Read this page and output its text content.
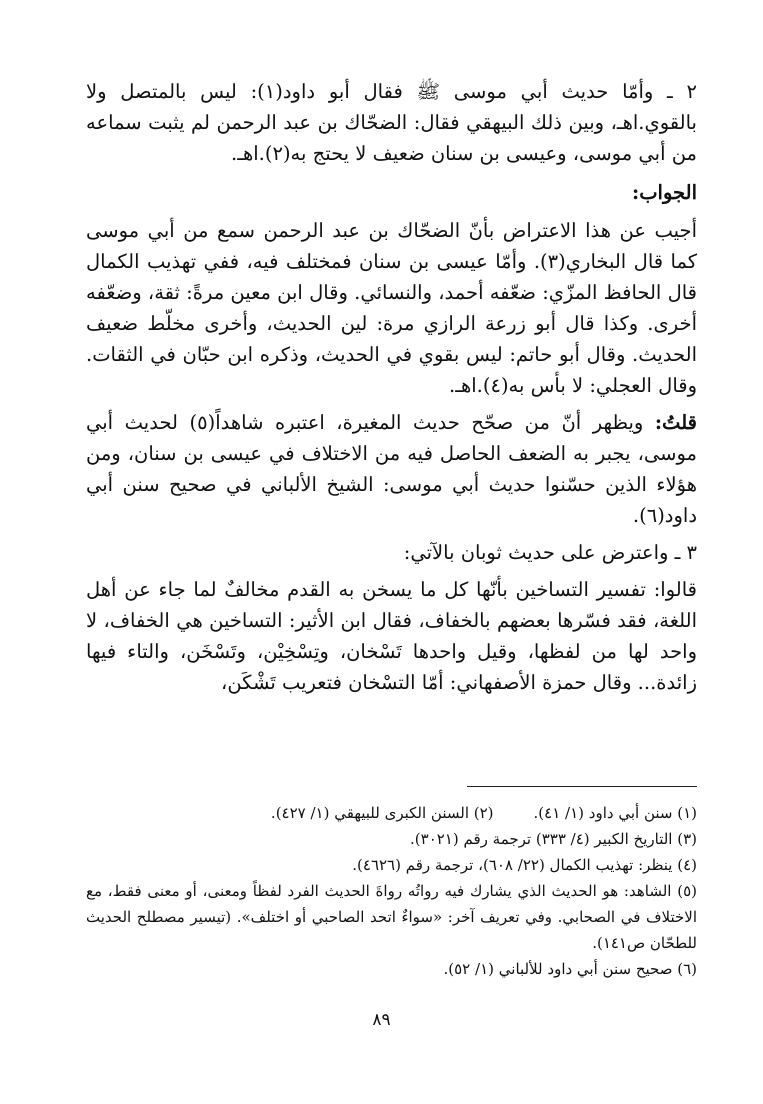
٢ ـ وأمّا حديث أبي موسى ﷺ فقال أبو داود(١): ليس بالمتصل ولا بالقوي.اهـ، وبين ذلك البيهقي فقال: الضحّاك بن عبد الرحمن لم يثبت سماعه من أبي موسى، وعيسى بن سنان ضعيف لا يحتج به(٢).اهـ.

الجواب:

أجيب عن هذا الاعتراض بأنّ الضحّاك بن عبد الرحمن سمع من أبي موسى كما قال البخاري(٣). وأمّا عيسى بن سنان فمختلف فيه، ففي تهذيب الكمال قال الحافظ المزّي: ضعّفه أحمد، والنسائي. وقال ابن معين مرةً: ثقة، وضعّفه أخرى. وكذا قال أبو زرعة الرازي مرة: لين الحديث، وأخرى مخلّط ضعيف الحديث. وقال أبو حاتم: ليس بقوي في الحديث، وذكره ابن حبّان في الثقات. وقال العجلي: لا بأس به(٤).اهـ.

قلتُ: ويظهر أنّ من صحّح حديث المغيرة، اعتبره شاهداً(٥) لحديث أبي موسى، يجبر به الضعف الحاصل فيه من الاختلاف في عيسى بن سنان، ومن هؤلاء الذين حسّنوا حديث أبي موسى: الشيخ الألباني في صحيح سنن أبي داود(٦).

٣ ـ واعترض على حديث ثوبان بالآتي:

قالوا: تفسير التساخين بأنّها كل ما يسخن به القدم مخالفٌ لما جاء عن أهل اللغة، فقد فسّرها بعضهم بالخفاف، فقال ابن الأثير: التساخين هي الخفاف، لا واحد لها من لفظها، وقيل واحدها تَسْخان، وتِسْخِيْن، وتَسْخَن، والتاء فيها زائدة... وقال حمزة الأصفهاني: أمّا التسْخان فتعريب تَشْكَن،

(١) سنن أبي داود (١/ ٤١).
(٢) السنن الكبرى للبيهقي (١/ ٤٢٧).

(٣) التاريخ الكبير (٤/ ٣٣٣) ترجمة رقم (٣٠٢١).

(٤) ينظر: تهذيب الكمال (٢٢/ ٦٠٨)، ترجمة رقم (٤٦٢٦).

(٥) الشاهد: هو الحديث الذي يشارك فيه رواتُه رواةَ الحديث الفرد لفظاً ومعنى، أو معنى فقط، مع الاختلاف في الصحابي. وفي تعريف آخر: «سواءٌ اتحد الصاحبي أو اختلف». (تيسير مصطلح الحديث للطحّان ص١٤١).

(٦) صحيح سنن أبي داود للألباني (١/ ٥٢).

٨٩
